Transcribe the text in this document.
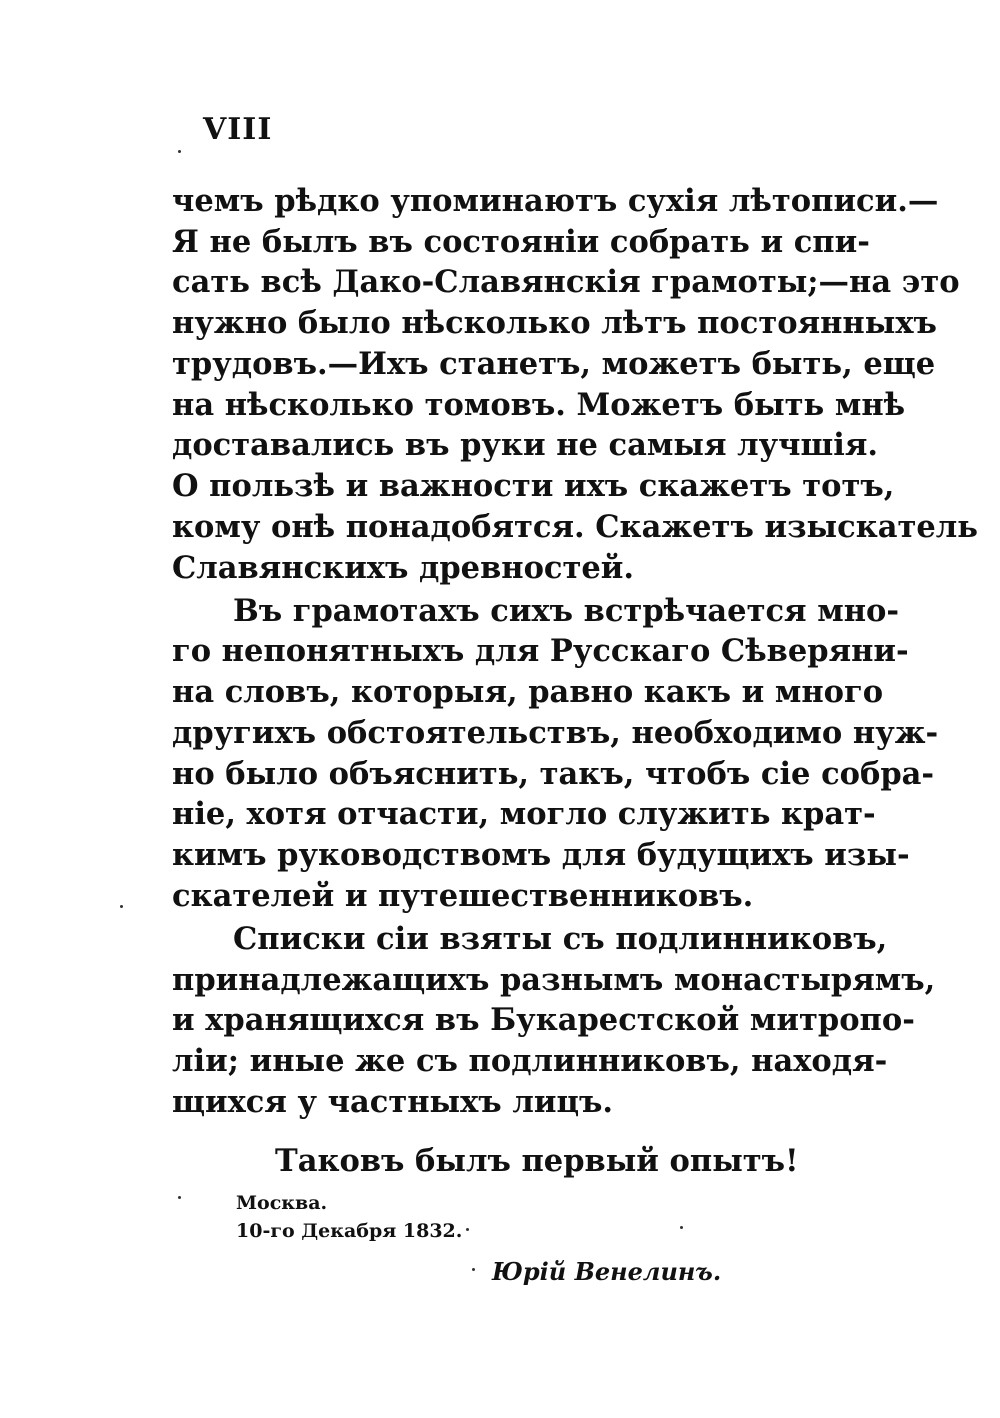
VIII
чемъ рѣдко упоминаютъ сухія лѣтописи.—
Я не былъ въ состояніи собрать и спи-
сать всѣ Дако-Славянскія грамоты;—на это
нужно было нѣсколько лѣтъ постоянныхъ
трудовъ.—Ихъ станетъ, можетъ быть, еще
на нѣсколько томовъ. Можетъ быть мнѣ
доставались въ руки не самыя лучшія.
О пользѣ и важности ихъ скажетъ тотъ,
кому онѣ понадобятся. Скажетъ изыскатель
Славянскихъ древностей.
Въ грамотахъ сихъ встрѣчается мно-
го непонятныхъ для Русскаго Сѣверяни-
на словъ, которыя, равно какъ и много
другихъ обстоятельствъ, необходимо нуж-
но было объяснить, такъ, чтобъ сіе собра-
ніе, хотя отчасти, могло служить крат-
кимъ руководствомъ для будущихъ изы-
скателей и путешественниковъ.
Списки сіи взяты съ подлинниковъ,
принадлежащихъ разнымъ монастырямъ,
и хранящихся въ Букарестской митропо-
ліи; иные же съ подлинниковъ, находя-
щихся у частныхъ лицъ.
Таковъ былъ первый опытъ!
Москва.
10-го Декабря 1832.
Юрій Венелинъ.
